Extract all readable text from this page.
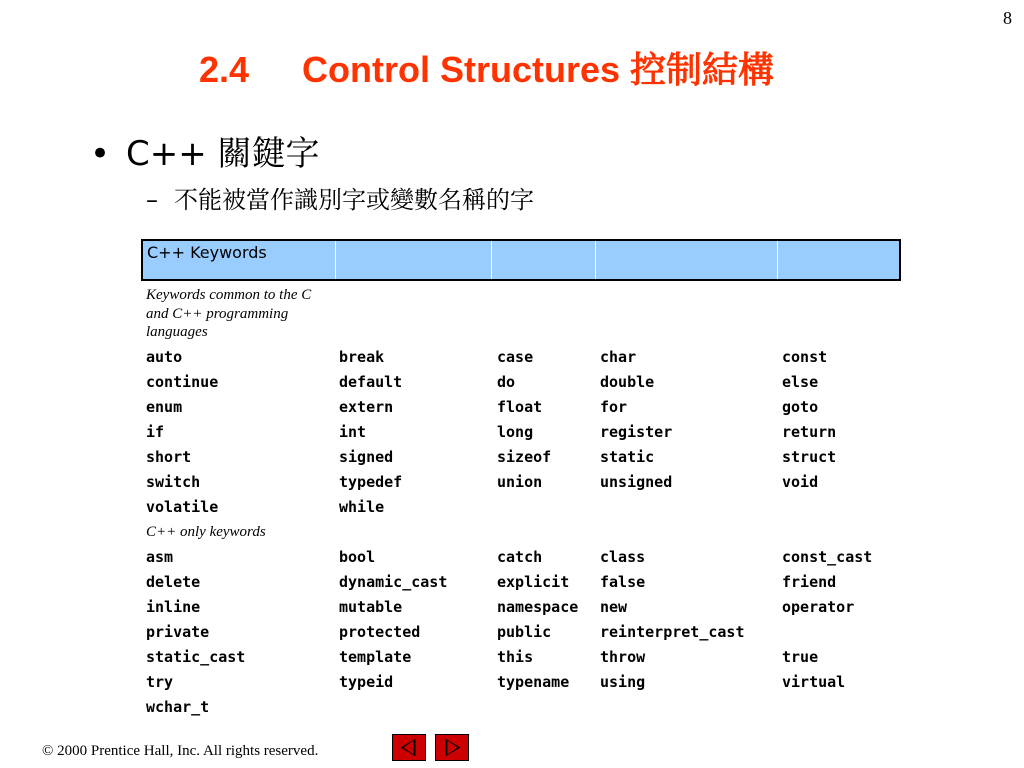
8
2.4 Control Structures 控制結構
• C++ 關鍵字
– 不能被當作識別字或變數名稱的字
C++ Keywords
Keywords common to the C and C++ programming languages
auto	break	case	char	const
continue	default	do	double	else
enum	extern	float	for	goto
if	int	long	register	return
short	signed	sizeof	static	struct
switch	typedef	union	unsigned	void
volatile	while
C++ only keywords
asm	bool	catch	class	const_cast
delete	dynamic_cast	explicit	false	friend
inline	mutable	namespace	new	operator
private	protected	public	reinterpret_cast
static_cast	template	this	throw	true
try	typeid	typename	using	virtual
wchar_t
© 2000 Prentice Hall, Inc. All rights reserved.
